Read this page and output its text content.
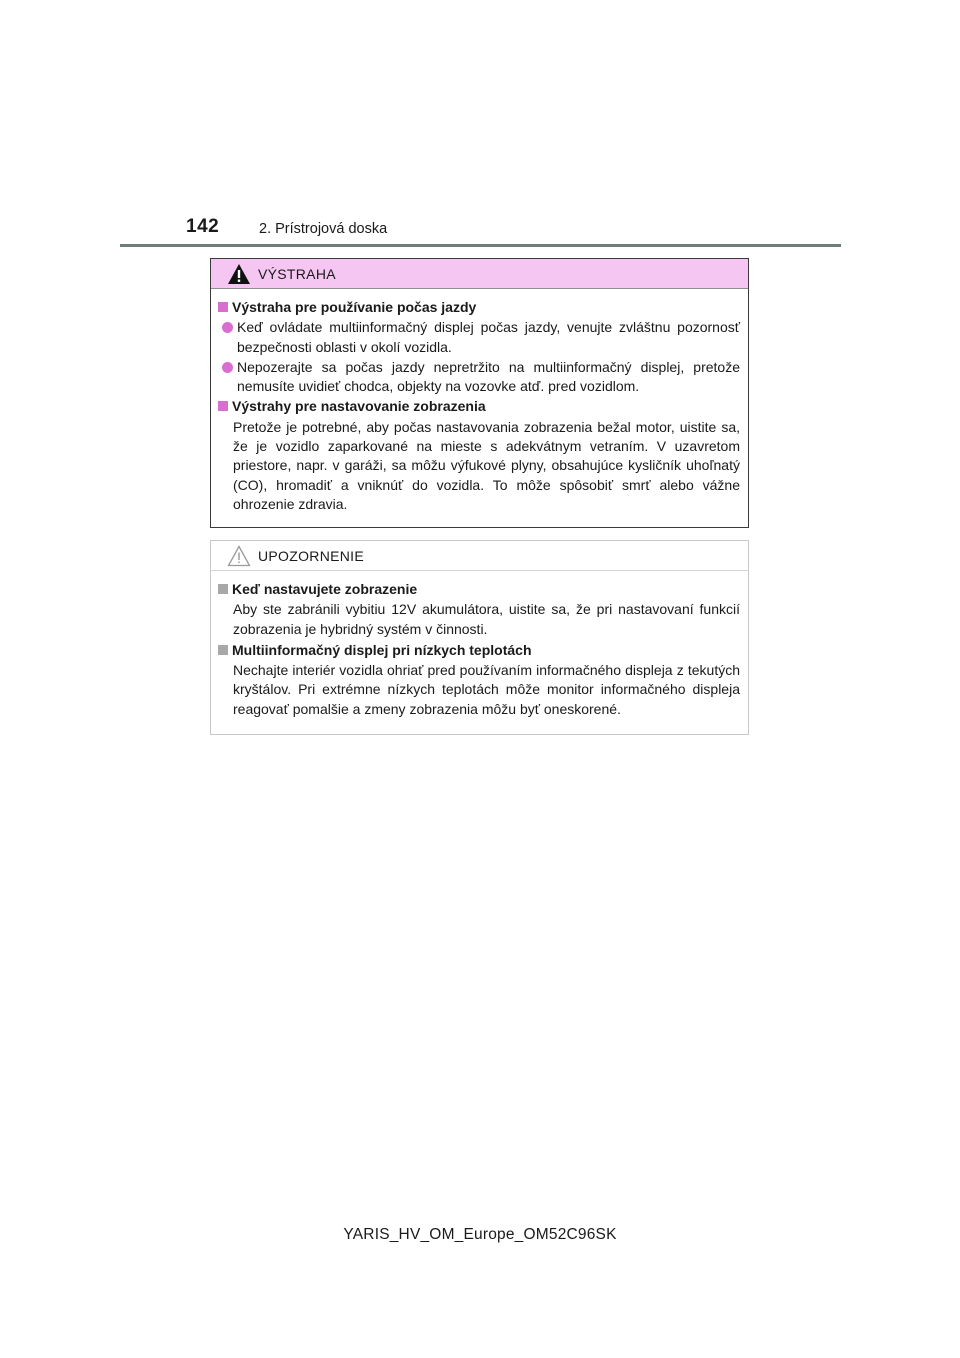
142	2. Prístrojová doska
VÝSTRAHA
Výstraha pre používanie počas jazdy
Keď ovládate multiinformačný displej počas jazdy, venujte zvláštnu pozornosť bezpečnosti oblasti v okolí vozidla.
Nepozerajte sa počas jazdy nepretržito na multiinformačný displej, pretože nemusíte uvidieť chodca, objekty na vozovke atď. pred vozidlom.
Výstrahy pre nastavovanie zobrazenia
Pretože je potrebné, aby počas nastavovania zobrazenia bežal motor, uistite sa, že je vozidlo zaparkované na mieste s adekvátnym vetraním. V uzavretom priestore, napr. v garáži, sa môžu výfukové plyny, obsahujúce kysličník uhoľnatý (CO), hromadiť a vniknúť do vozidla. To môže spôsobiť smrť alebo vážne ohrozenie zdravia.
UPOZORNENIE
Keď nastavujete zobrazenie
Aby ste zabránili vybitiu 12V akumulátora, uistite sa, že pri nastavovaní funkcií zobrazenia je hybridný systém v činnosti.
Multiinformačný displej pri nízkych teplotách
Nechajte interiér vozidla ohriať pred používaním informačného displeja z tekutých kryštálov. Pri extrémne nízkych teplotách môže monitor informačného displeja reagovať pomalšie a zmeny zobrazenia môžu byť oneskorené.
YARIS_HV_OM_Europe_OM52C96SK
